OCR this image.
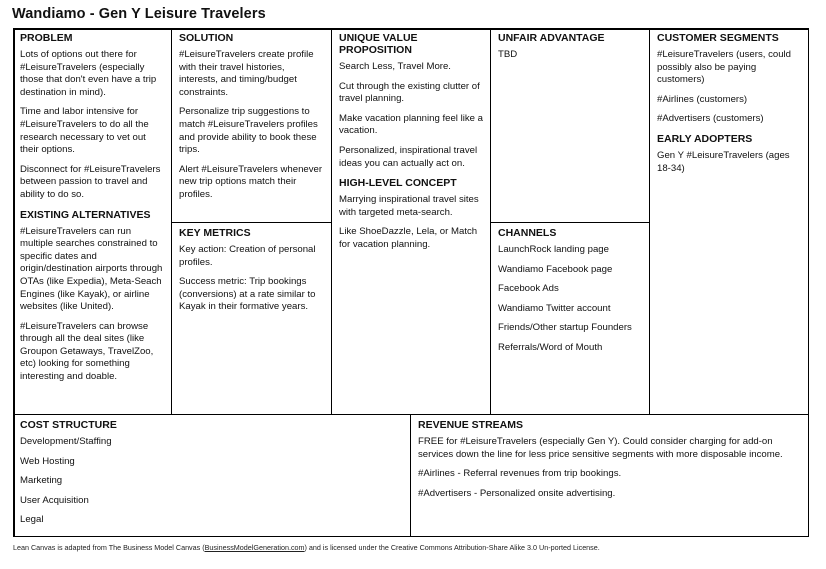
Wandiamo - Gen Y Leisure Travelers
PROBLEM
Lots of options out there for #LeisureTravelers (especially those that don't even have a trip destination in mind).
Time and labor intensive for #LeisureTravelers to do all the research necessary to vet out their options.
Disconnect for #LeisureTravelers between passion to travel and ability to do so.
EXISTING ALTERNATIVES
#LeisureTravelers can run multiple searches constrained to specific dates and origin/destination airports through OTAs (like Expedia), Meta-Seach Engines (like Kayak), or airline websites (like United).
#LeisureTravelers can browse through all the deal sites (like Groupon Getaways, TravelZoo, etc) looking for something interesting and doable.
SOLUTION
#LeisureTravelers create profile with their travel histories, interests, and timing/budget constraints.
Personalize trip suggestions to match #LeisureTravelers profiles and provide ability to book these trips.
Alert #LeisureTravelers whenever new trip options match their profiles.
KEY METRICS
Key action: Creation of personal profiles.
Success metric: Trip bookings (conversions) at a rate similar to Kayak in their formative years.
UNIQUE VALUE PROPOSITION
Search Less, Travel More.
Cut through the existing clutter of travel planning.
Make vacation planning feel like a vacation.
Personalized, inspirational travel ideas you can actually act on.
HIGH-LEVEL CONCEPT
Marrying inspirational travel sites with targeted meta-search.
Like ShoeDazzle, Lela, or Match for vacation planning.
UNFAIR ADVANTAGE
TBD
CHANNELS
LaunchRock landing page
Wandiamo Facebook page
Facebook Ads
Wandiamo Twitter account
Friends/Other startup Founders
Referrals/Word of Mouth
CUSTOMER SEGMENTS
#LeisureTravelers (users, could possibly also be paying customers)
#Airlines (customers)
#Advertisers (customers)
EARLY ADOPTERS
Gen Y #LeisureTravelers (ages 18-34)
COST STRUCTURE
Development/Staffing
Web Hosting
Marketing
User Acquisition
Legal
REVENUE STREAMS
FREE for #LeisureTravelers (especially Gen Y). Could consider charging for add-on services down the line for less price sensitive segments with more disposable income.
#Airlines - Referral revenues from trip bookings.
#Advertisers - Personalized onsite advertising.
Lean Canvas is adapted from The Business Model Canvas (BusinessModelGeneration.com) and is licensed under the Creative Commons Attribution-Share Alike 3.0 Un-ported License.
